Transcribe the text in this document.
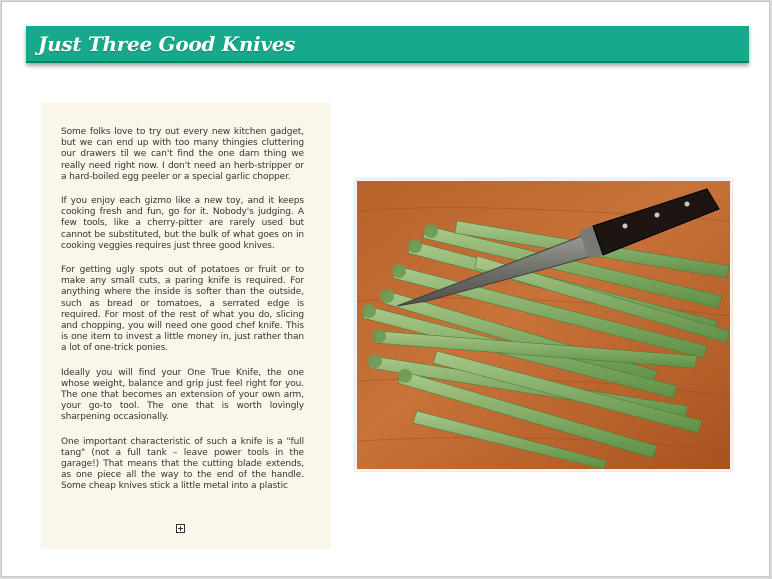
Just Three Good Knives

Some folks love to try out every new kitchen gadget, but we can end up with too many thingies cluttering our drawers til we can't find the one darn thing we really need right now. I don't need an herb-stripper or a hard-boiled egg peeler or a special garlic chopper.

If you enjoy each gizmo like a new toy, and it keeps cooking fresh and fun, go for it. Nobody's judging. A few tools, like a cherry-pitter are rarely used but cannot be substituted, but the bulk of what goes on in cooking veggies requires just three good knives.

For getting ugly spots out of potatoes or fruit or to make any small cuts, a paring knife is required. For anything where the inside is softer than the outside, such as bread or tomatoes, a serrated edge is required. For most of the rest of what you do, slicing and chopping, you will need one good chef knife. This is one item to invest a little money in, just rather than a lot of one-trick ponies.

Ideally you will find your One True Knife, the one whose weight, balance and grip just feel right for you. The one that becomes an extension of your own arm, your go-to tool. The one that is worth lovingly sharpening occasionally.

One important characteristic of such a knife is a "full tang" (not a full tank – leave power tools in the garage!) That means that the cutting blade extends, as one piece all the way to the end of the handle. Some cheap knives stick a little metal into a plastic
